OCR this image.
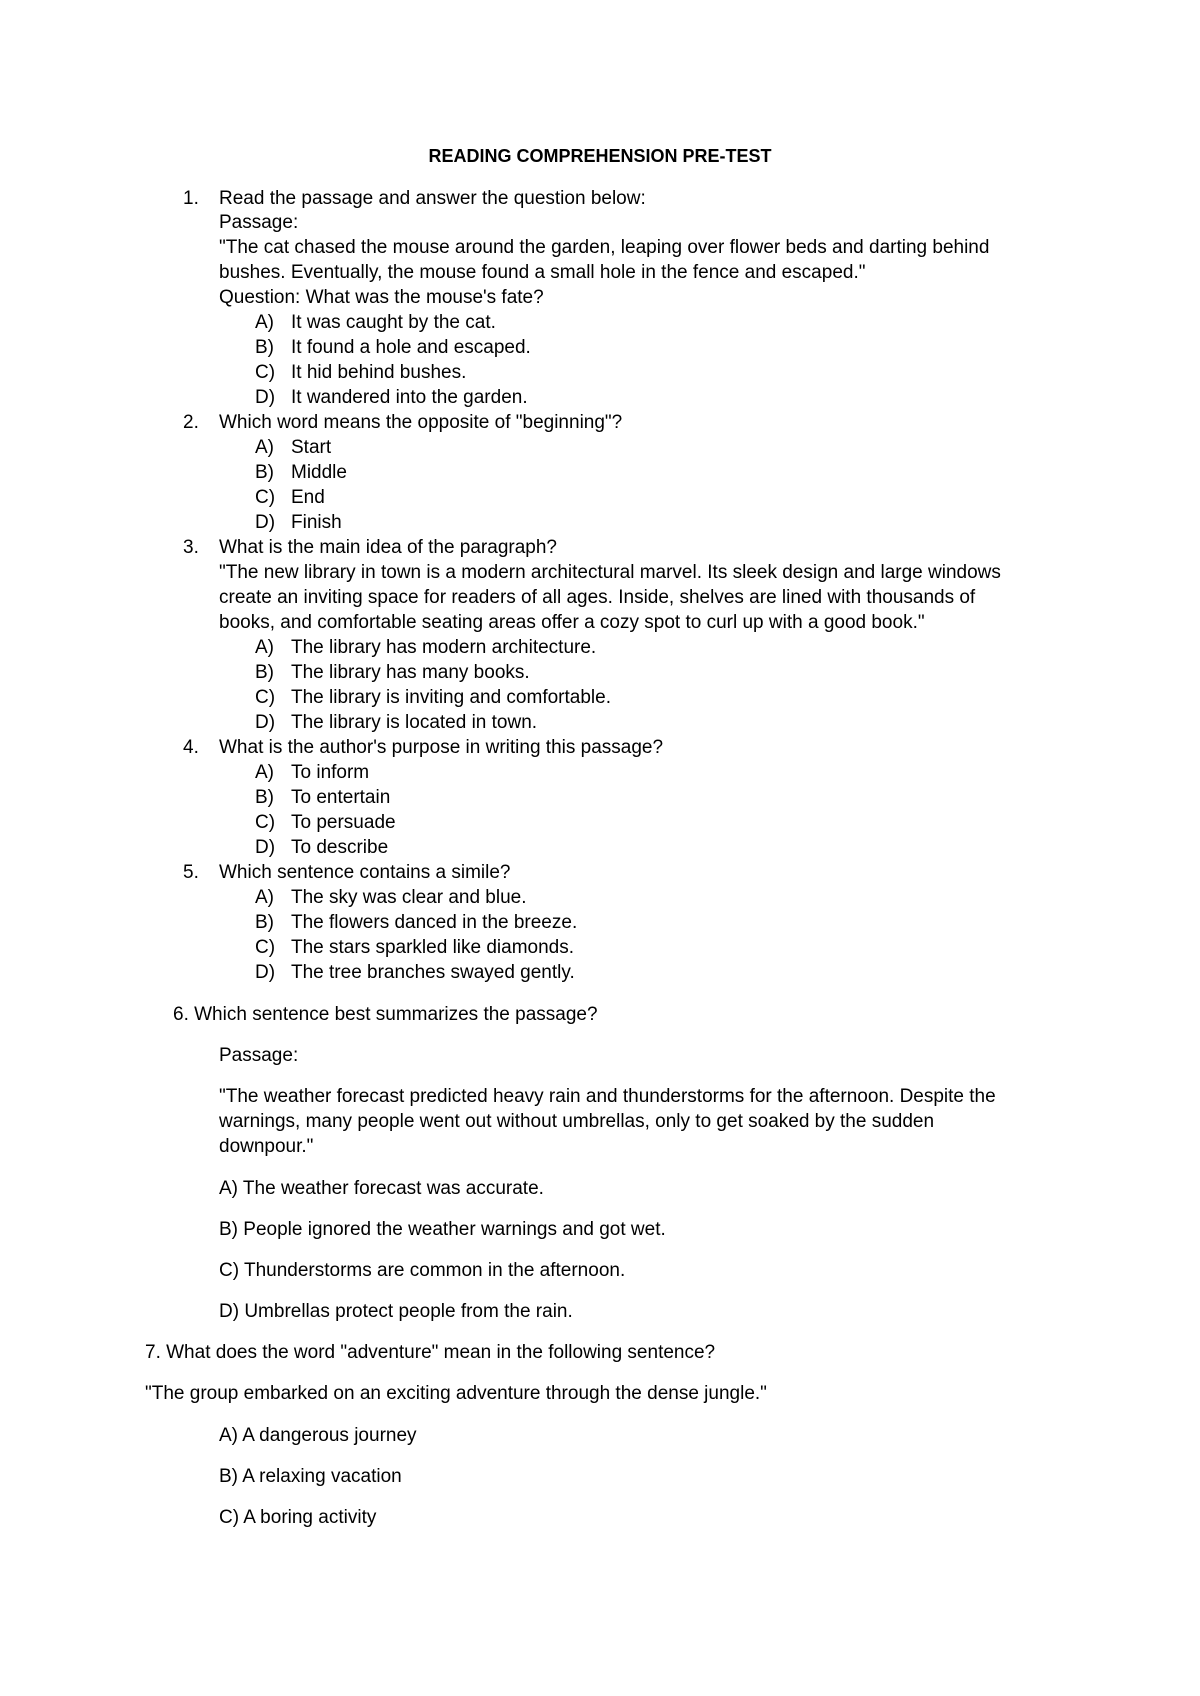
READING COMPREHENSION PRE-TEST
1. Read the passage and answer the question below:
Passage:
"The cat chased the mouse around the garden, leaping over flower beds and darting behind
bushes. Eventually, the mouse found a small hole in the fence and escaped."
Question: What was the mouse's fate?
A) It was caught by the cat.
B) It found a hole and escaped.
C) It hid behind bushes.
D) It wandered into the garden.
2. Which word means the opposite of "beginning"?
A) Start
B) Middle
C) End
D) Finish
3. What is the main idea of the paragraph?
"The new library in town is a modern architectural marvel. Its sleek design and large windows
create an inviting space for readers of all ages. Inside, shelves are lined with thousands of
books, and comfortable seating areas offer a cozy spot to curl up with a good book."
A) The library has modern architecture.
B) The library has many books.
C) The library is inviting and comfortable.
D) The library is located in town.
4. What is the author's purpose in writing this passage?
A) To inform
B) To entertain
C) To persuade
D) To describe
5. Which sentence contains a simile?
A) The sky was clear and blue.
B) The flowers danced in the breeze.
C) The stars sparkled like diamonds.
D) The tree branches swayed gently.
6. Which sentence best summarizes the passage?
Passage:
"The weather forecast predicted heavy rain and thunderstorms for the afternoon. Despite the
warnings, many people went out without umbrellas, only to get soaked by the sudden
downpour."
A) The weather forecast was accurate.
B) People ignored the weather warnings and got wet.
C) Thunderstorms are common in the afternoon.
D) Umbrellas protect people from the rain.
7. What does the word "adventure" mean in the following sentence?
"The group embarked on an exciting adventure through the dense jungle."
A) A dangerous journey
B) A relaxing vacation
C) A boring activity
